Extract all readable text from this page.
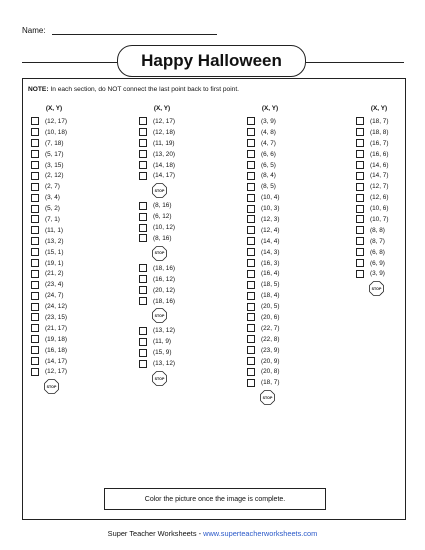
Name:
Happy Halloween
NOTE: In each section, do NOT connect the last point back to first point.
(X, Y)
(12, 17)
(10, 18)
(7, 18)
(5, 17)
(3, 15)
(2, 12)
(2, 7)
(3, 4)
(5, 2)
(7, 1)
(11, 1)
(13, 2)
(15, 1)
(19, 1)
(21, 2)
(23, 4)
(24, 7)
(24, 12)
(23, 15)
(21, 17)
(19, 18)
(16, 18)
(14, 17)
(12, 17)
STOP
(X, Y)
(12, 17)
(12, 18)
(11, 19)
(13, 20)
(14, 18)
(14, 17)
STOP
(8, 16)
(6, 12)
(10, 12)
(8, 16)
STOP
(18, 16)
(16, 12)
(20, 12)
(18, 16)
STOP
(13, 12)
(11, 9)
(15, 9)
(13, 12)
STOP
(X, Y)
(3, 9)
(4, 8)
(4, 7)
(6, 6)
(6, 5)
(8, 4)
(8, 5)
(10, 4)
(10, 3)
(12, 3)
(12, 4)
(14, 4)
(14, 3)
(16, 3)
(16, 4)
(18, 5)
(18, 4)
(20, 5)
(20, 6)
(22, 7)
(22, 8)
(23, 9)
(20, 9)
(20, 8)
(18, 7)
STOP
(X, Y)
(18, 7)
(18, 8)
(16, 7)
(16, 6)
(14, 6)
(14, 7)
(12, 7)
(12, 6)
(10, 6)
(10, 7)
(8, 8)
(8, 7)
(6, 8)
(6, 9)
(3, 9)
STOP
Color the picture once the image is complete.
Super Teacher Worksheets - www.superteacherworksheets.com
